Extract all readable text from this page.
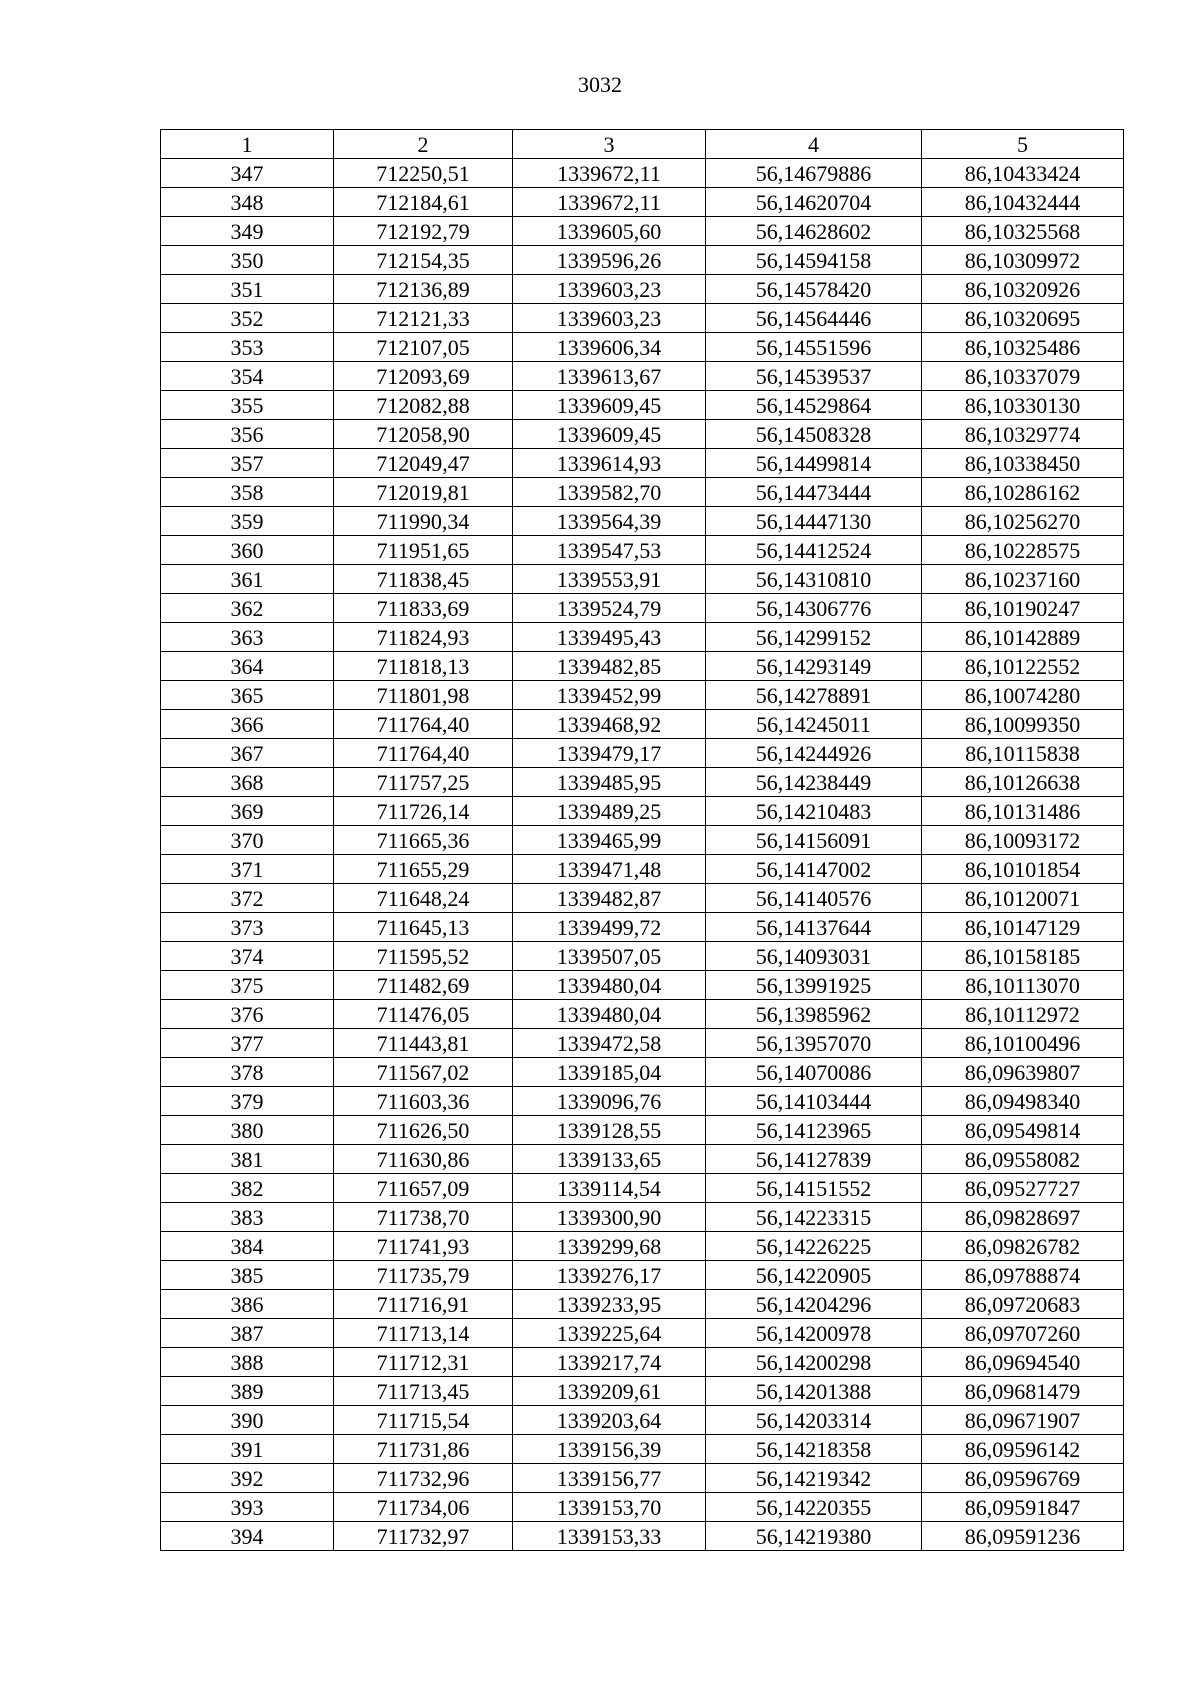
3032
1	2	3	4	5
347	712250,51	1339672,11	56,14679886	86,10433424
348	712184,61	1339672,11	56,14620704	86,10432444
349	712192,79	1339605,60	56,14628602	86,10325568
350	712154,35	1339596,26	56,14594158	86,10309972
351	712136,89	1339603,23	56,14578420	86,10320926
352	712121,33	1339603,23	56,14564446	86,10320695
353	712107,05	1339606,34	56,14551596	86,10325486
354	712093,69	1339613,67	56,14539537	86,10337079
355	712082,88	1339609,45	56,14529864	86,10330130
356	712058,90	1339609,45	56,14508328	86,10329774
357	712049,47	1339614,93	56,14499814	86,10338450
358	712019,81	1339582,70	56,14473444	86,10286162
359	711990,34	1339564,39	56,14447130	86,10256270
360	711951,65	1339547,53	56,14412524	86,10228575
361	711838,45	1339553,91	56,14310810	86,10237160
362	711833,69	1339524,79	56,14306776	86,10190247
363	711824,93	1339495,43	56,14299152	86,10142889
364	711818,13	1339482,85	56,14293149	86,10122552
365	711801,98	1339452,99	56,14278891	86,10074280
366	711764,40	1339468,92	56,14245011	86,10099350
367	711764,40	1339479,17	56,14244926	86,10115838
368	711757,25	1339485,95	56,14238449	86,10126638
369	711726,14	1339489,25	56,14210483	86,10131486
370	711665,36	1339465,99	56,14156091	86,10093172
371	711655,29	1339471,48	56,14147002	86,10101854
372	711648,24	1339482,87	56,14140576	86,10120071
373	711645,13	1339499,72	56,14137644	86,10147129
374	711595,52	1339507,05	56,14093031	86,10158185
375	711482,69	1339480,04	56,13991925	86,10113070
376	711476,05	1339480,04	56,13985962	86,10112972
377	711443,81	1339472,58	56,13957070	86,10100496
378	711567,02	1339185,04	56,14070086	86,09639807
379	711603,36	1339096,76	56,14103444	86,09498340
380	711626,50	1339128,55	56,14123965	86,09549814
381	711630,86	1339133,65	56,14127839	86,09558082
382	711657,09	1339114,54	56,14151552	86,09527727
383	711738,70	1339300,90	56,14223315	86,09828697
384	711741,93	1339299,68	56,14226225	86,09826782
385	711735,79	1339276,17	56,14220905	86,09788874
386	711716,91	1339233,95	56,14204296	86,09720683
387	711713,14	1339225,64	56,14200978	86,09707260
388	711712,31	1339217,74	56,14200298	86,09694540
389	711713,45	1339209,61	56,14201388	86,09681479
390	711715,54	1339203,64	56,14203314	86,09671907
391	711731,86	1339156,39	56,14218358	86,09596142
392	711732,96	1339156,77	56,14219342	86,09596769
393	711734,06	1339153,70	56,14220355	86,09591847
394	711732,97	1339153,33	56,14219380	86,09591236
